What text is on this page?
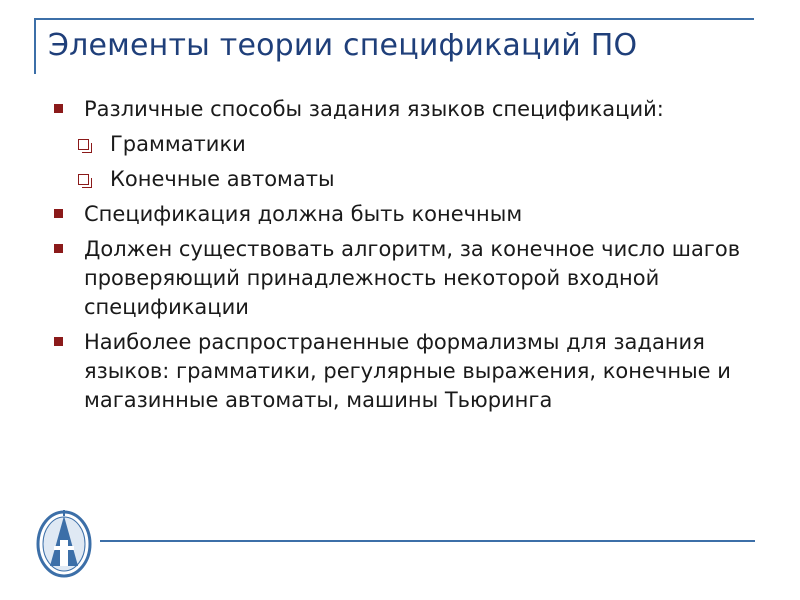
Элементы теории спецификаций ПО
Различные способы задания языков спецификаций:
Грамматики
Конечные автоматы
Спецификация должна быть конечным
Должен существовать алгоритм, за конечное число шагов проверяющий принадлежность некоторой входной спецификации
Наиболее распространенные формализмы для задания языков: грамматики, регулярные выражения, конечные и магазинные автоматы, машины Тьюринга
